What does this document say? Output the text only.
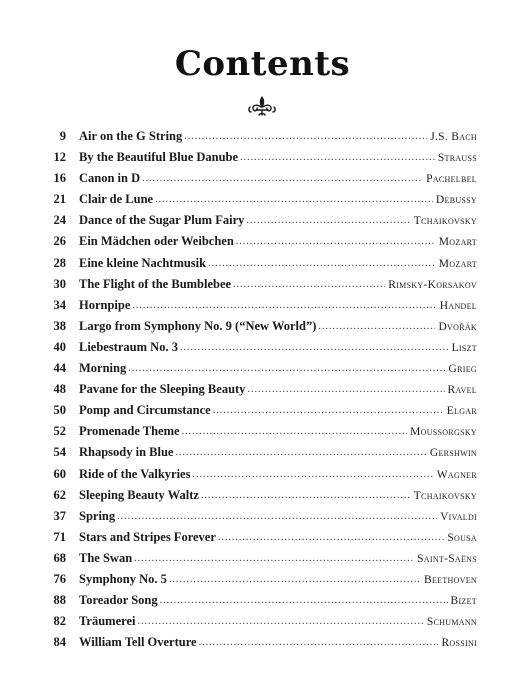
Contents
9 Air on the G String .....	J.S. Bach
12 By the Beautiful Blue Danube .....	Strauss
16 Canon in D .....	Pachelbel
21 Clair de Lune .....	Debussy
24 Dance of the Sugar Plum Fairy .....	Tchaikovsky
26 Ein Mädchen oder Weibchen .....	Mozart
28 Eine kleine Nachtmusik .....	Mozart
30 The Flight of the Bumblebee .....	Rimsky-Korsakov
34 Hornpipe .....	Handel
38 Largo from Symphony No. 9 (“New World”) .....	Dvořák
40 Liebestraum No. 3 .....	Liszt
44 Morning .....	Grieg
48 Pavane for the Sleeping Beauty .....	Ravel
50 Pomp and Circumstance .....	Elgar
52 Promenade Theme .....	Moussorgsky
54 Rhapsody in Blue .....	Gershwin
60 Ride of the Valkyries .....	Wagner
62 Sleeping Beauty Waltz .....	Tchaikovsky
37 Spring .....	Vivaldi
71 Stars and Stripes Forever .....	Sousa
68 The Swan .....	Saint-Saëns
76 Symphony No. 5 .....	Beethoven
88 Toreador Song .....	Bizet
82 Träumerei .....	Schumann
84 William Tell Overture .....	Rossini
